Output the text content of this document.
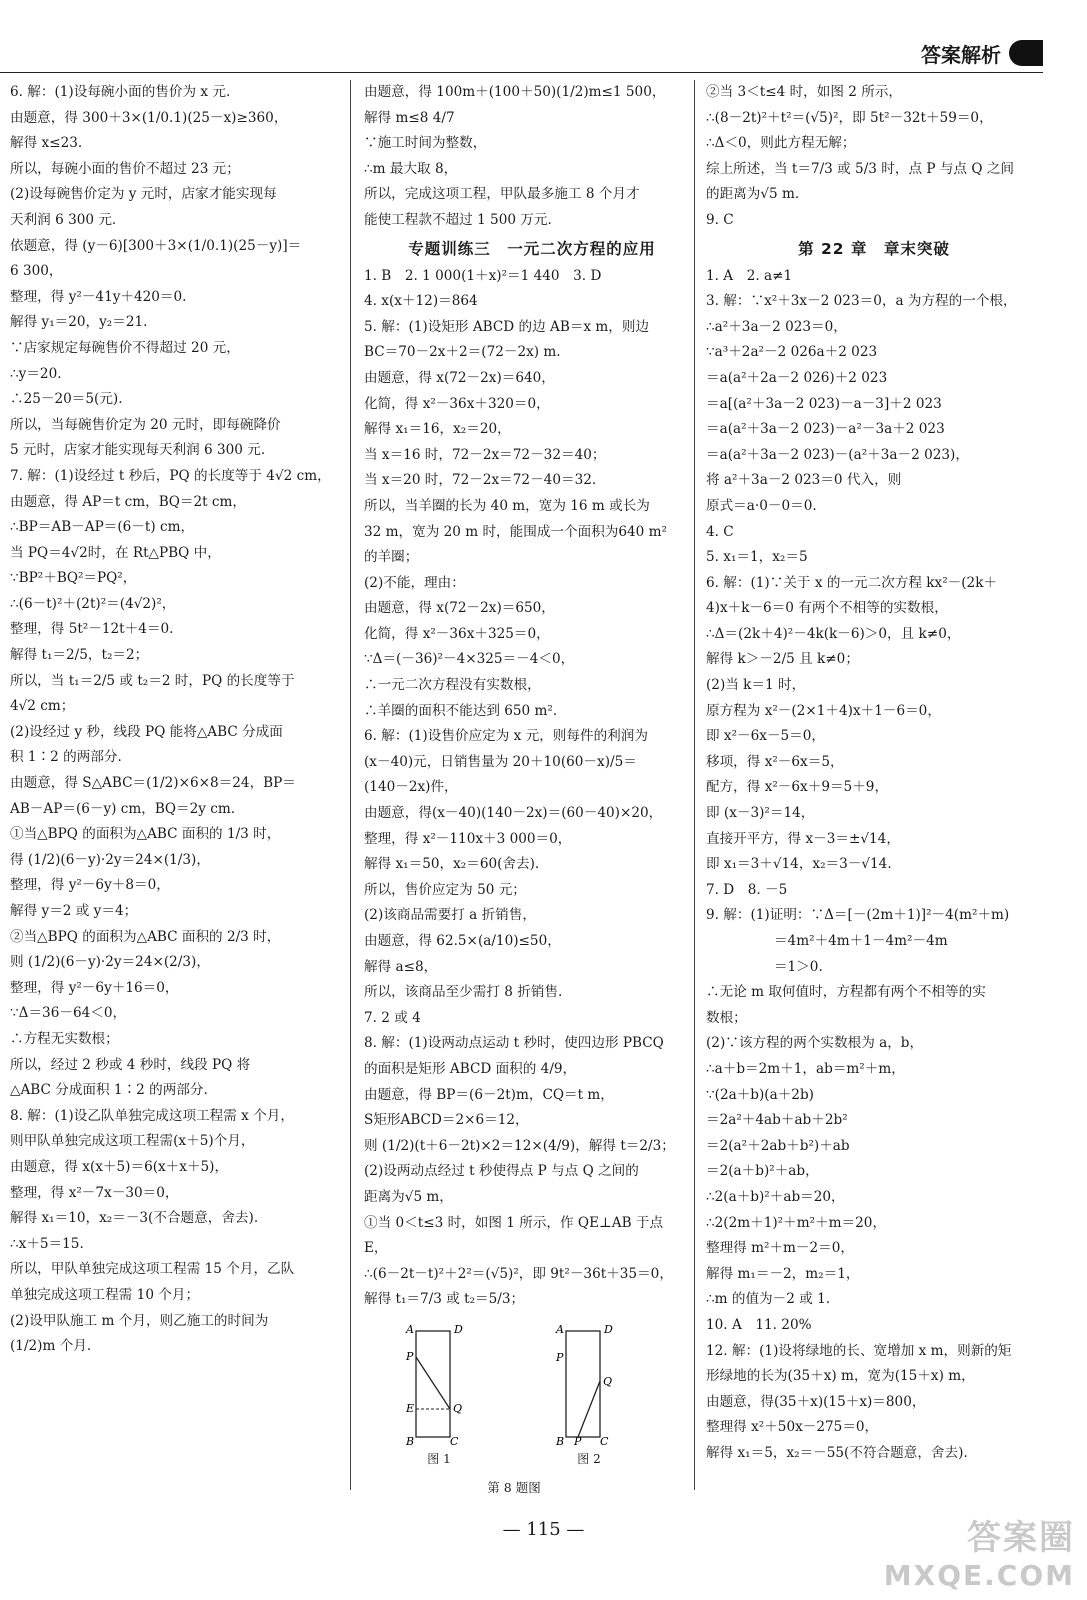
答案解析
6. 解：(1)设每碗小面的售价为 x 元.
由题意，得 300＋3×(1/0.1)(25－x)≥360，
解得 x≤23.
所以，每碗小面的售价不超过 23 元；
(2)设每碗售价定为 y 元时，店家才能实现每
天利润 6 300 元.
依题意，得 (y－6)[300＋3×(1/0.1)(25－y)]＝
6 300，
整理，得 y²－41y＋420＝0.
解得 y₁＝20，y₂＝21.
∵店家规定每碗售价不得超过 20 元，
∴y＝20.
∴25－20＝5(元).
所以，当每碗售价定为 20 元时，即每碗降价
5 元时，店家才能实现每天利润 6 300 元.
7. 解：(1)设经过 t 秒后，PQ 的长度等于 4√2 cm，
由题意，得 AP＝t cm，BQ＝2t cm，
∴BP＝AB－AP＝(6－t) cm，
当 PQ＝4√2时，在 Rt△PBQ 中，
∵BP²＋BQ²＝PQ²，
∴(6－t)²＋(2t)²＝(4√2)²，
整理，得 5t²－12t＋4＝0.
解得 t₁＝2/5，t₂＝2；
所以，当 t₁＝2/5 或 t₂＝2 时，PQ 的长度等于
4√2 cm；
(2)设经过 y 秒，线段 PQ 能将△ABC 分成面
积 1∶2 的两部分.
由题意，得 S△ABC＝(1/2)×6×8＝24，BP＝
AB－AP＝(6－y) cm，BQ＝2y cm.
①当△BPQ 的面积为△ABC 面积的 1/3 时，
得 (1/2)(6－y)·2y＝24×(1/3)，
整理，得 y²－6y＋8＝0，
解得 y＝2 或 y＝4；
②当△BPQ 的面积为△ABC 面积的 2/3 时，
则 (1/2)(6－y)·2y＝24×(2/3)，
整理，得 y²－6y＋16＝0，
∵Δ＝36－64＜0，
∴方程无实数根；
所以，经过 2 秒或 4 秒时，线段 PQ 将
△ABC 分成面积 1∶2 的两部分.
8. 解：(1)设乙队单独完成这项工程需 x 个月，
则甲队单独完成这项工程需(x＋5)个月，
由题意，得 x(x＋5)＝6(x＋x＋5)，
整理，得 x²－7x－30＝0，
解得 x₁＝10，x₂＝－3(不合题意，舍去).
∴x＋5＝15.
所以，甲队单独完成这项工程需 15 个月，乙队
单独完成这项工程需 10 个月；
(2)设甲队施工 m 个月，则乙施工的时间为
(1/2)m 个月.
由题意，得 100m＋(100＋50)(1/2)m≤1 500，
解得 m≤8 4/7
∵施工时间为整数，
∴m 最大取 8，
所以，完成这项工程，甲队最多施工 8 个月才
能使工程款不超过 1 500 万元.
专题训练三　一元二次方程的应用
1. B　2. 1 000(1＋x)²＝1 440　3. D
4. x(x＋12)＝864
5. 解：(1)设矩形 ABCD 的边 AB＝x m，则边
BC＝70－2x＋2＝(72－2x) m.
由题意，得 x(72－2x)＝640，
化简，得 x²－36x＋320＝0，
解得 x₁＝16，x₂＝20，
当 x＝16 时，72－2x＝72－32＝40；
当 x＝20 时，72－2x＝72－40＝32.
所以，当羊圈的长为 40 m，宽为 16 m 或长为
32 m，宽为 20 m 时，能围成一个面积为640 m²
的羊圈；
(2)不能，理由：
由题意，得 x(72－2x)＝650，
化简，得 x²－36x＋325＝0，
∵Δ＝(－36)²－4×325＝－4＜0，
∴一元二次方程没有实数根，
∴羊圈的面积不能达到 650 m².
6. 解：(1)设售价应定为 x 元，则每件的利润为
(x－40)元，日销售量为 20＋10(60－x)/5＝
(140－2x)件，
由题意，得(x－40)(140－2x)＝(60－40)×20，
整理，得 x²－110x＋3 000＝0，
解得 x₁＝50，x₂＝60(舍去).
所以，售价应定为 50 元；
(2)该商品需要打 a 折销售，
由题意，得 62.5×(a/10)≤50，
解得 a≤8，
所以，该商品至少需打 8 折销售.
7. 2 或 4
8. 解：(1)设两动点运动 t 秒时，使四边形 PBCQ
的面积是矩形 ABCD 面积的 4/9，
由题意，得 BP＝(6－2t)m，CQ＝t m，
S矩形ABCD＝2×6＝12，
则 (1/2)(t＋6－2t)×2＝12×(4/9)，解得 t＝2/3；
(2)设两动点经过 t 秒使得点 P 与点 Q 之间的
距离为√5 m，
①当 0＜t≤3 时，如图 1 所示，作 QE⊥AB 于点
E，
∴(6－2t－t)²＋2²＝(√5)²，即 9t²－36t＋35＝0，
解得 t₁＝7/3 或 t₂＝5/3；
A	D
P
E	Q
B	C
图 1
A	D
P
Q
B P C
图 2
第 8 题图
②当 3＜t≤4 时，如图 2 所示，
∴(8－2t)²＋t²＝(√5)²，即 5t²－32t＋59＝0，
∴Δ＜0，则此方程无解；
综上所述，当 t＝7/3 或 5/3 时，点 P 与点 Q 之间
的距离为√5 m.
9. C
第 22 章　章末突破
1. A　2. a≠1
3. 解：∵x²＋3x－2 023＝0，a 为方程的一个根，
∴a²＋3a－2 023＝0，
∵a³＋2a²－2 026a＋2 023
＝a(a²＋2a－2 026)＋2 023
＝a[(a²＋3a－2 023)－a－3]＋2 023
＝a(a²＋3a－2 023)－a²－3a＋2 023
＝a(a²＋3a－2 023)－(a²＋3a－2 023)，
将 a²＋3a－2 023＝0 代入，则
原式＝a·0－0＝0.
4. C
5. x₁＝1，x₂＝5
6. 解：(1)∵关于 x 的一元二次方程 kx²－(2k＋
4)x＋k－6＝0 有两个不相等的实数根，
∴Δ＝(2k＋4)²－4k(k－6)＞0，且 k≠0，
解得 k＞－2/5 且 k≠0；
(2)当 k＝1 时，
原方程为 x²－(2×1＋4)x＋1－6＝0，
即 x²－6x－5＝0，
移项，得 x²－6x＝5，
配方，得 x²－6x＋9＝5＋9，
即 (x－3)²＝14，
直接开平方，得 x－3＝±√14，
即 x₁＝3＋√14，x₂＝3－√14.
7. D　8. －5
9. 解：(1)证明：∵Δ＝[－(2m＋1)]²－4(m²＋m)
　　　　　＝4m²＋4m＋1－4m²－4m
　　　　　＝1＞0.
∴无论 m 取何值时，方程都有两个不相等的实
数根；
(2)∵该方程的两个实数根为 a，b，
∴a＋b＝2m＋1，ab＝m²＋m，
∵(2a＋b)(a＋2b)
＝2a²＋4ab＋ab＋2b²
＝2(a²＋2ab＋b²)＋ab
＝2(a＋b)²＋ab，
∴2(a＋b)²＋ab＝20，
∴2(2m＋1)²＋m²＋m＝20，
整理得 m²＋m－2＝0，
解得 m₁＝－2，m₂＝1，
∴m 的值为－2 或 1.
10. A　11. 20%
12. 解：(1)设将绿地的长、宽增加 x m，则新的矩
形绿地的长为(35＋x) m，宽为(15＋x) m，
由题意，得(35＋x)(15＋x)＝800，
整理得 x²＋50x－275＝0，
解得 x₁＝5，x₂＝－55(不符合题意，舍去).
— 115 —	答案圈
MXQE.COM
